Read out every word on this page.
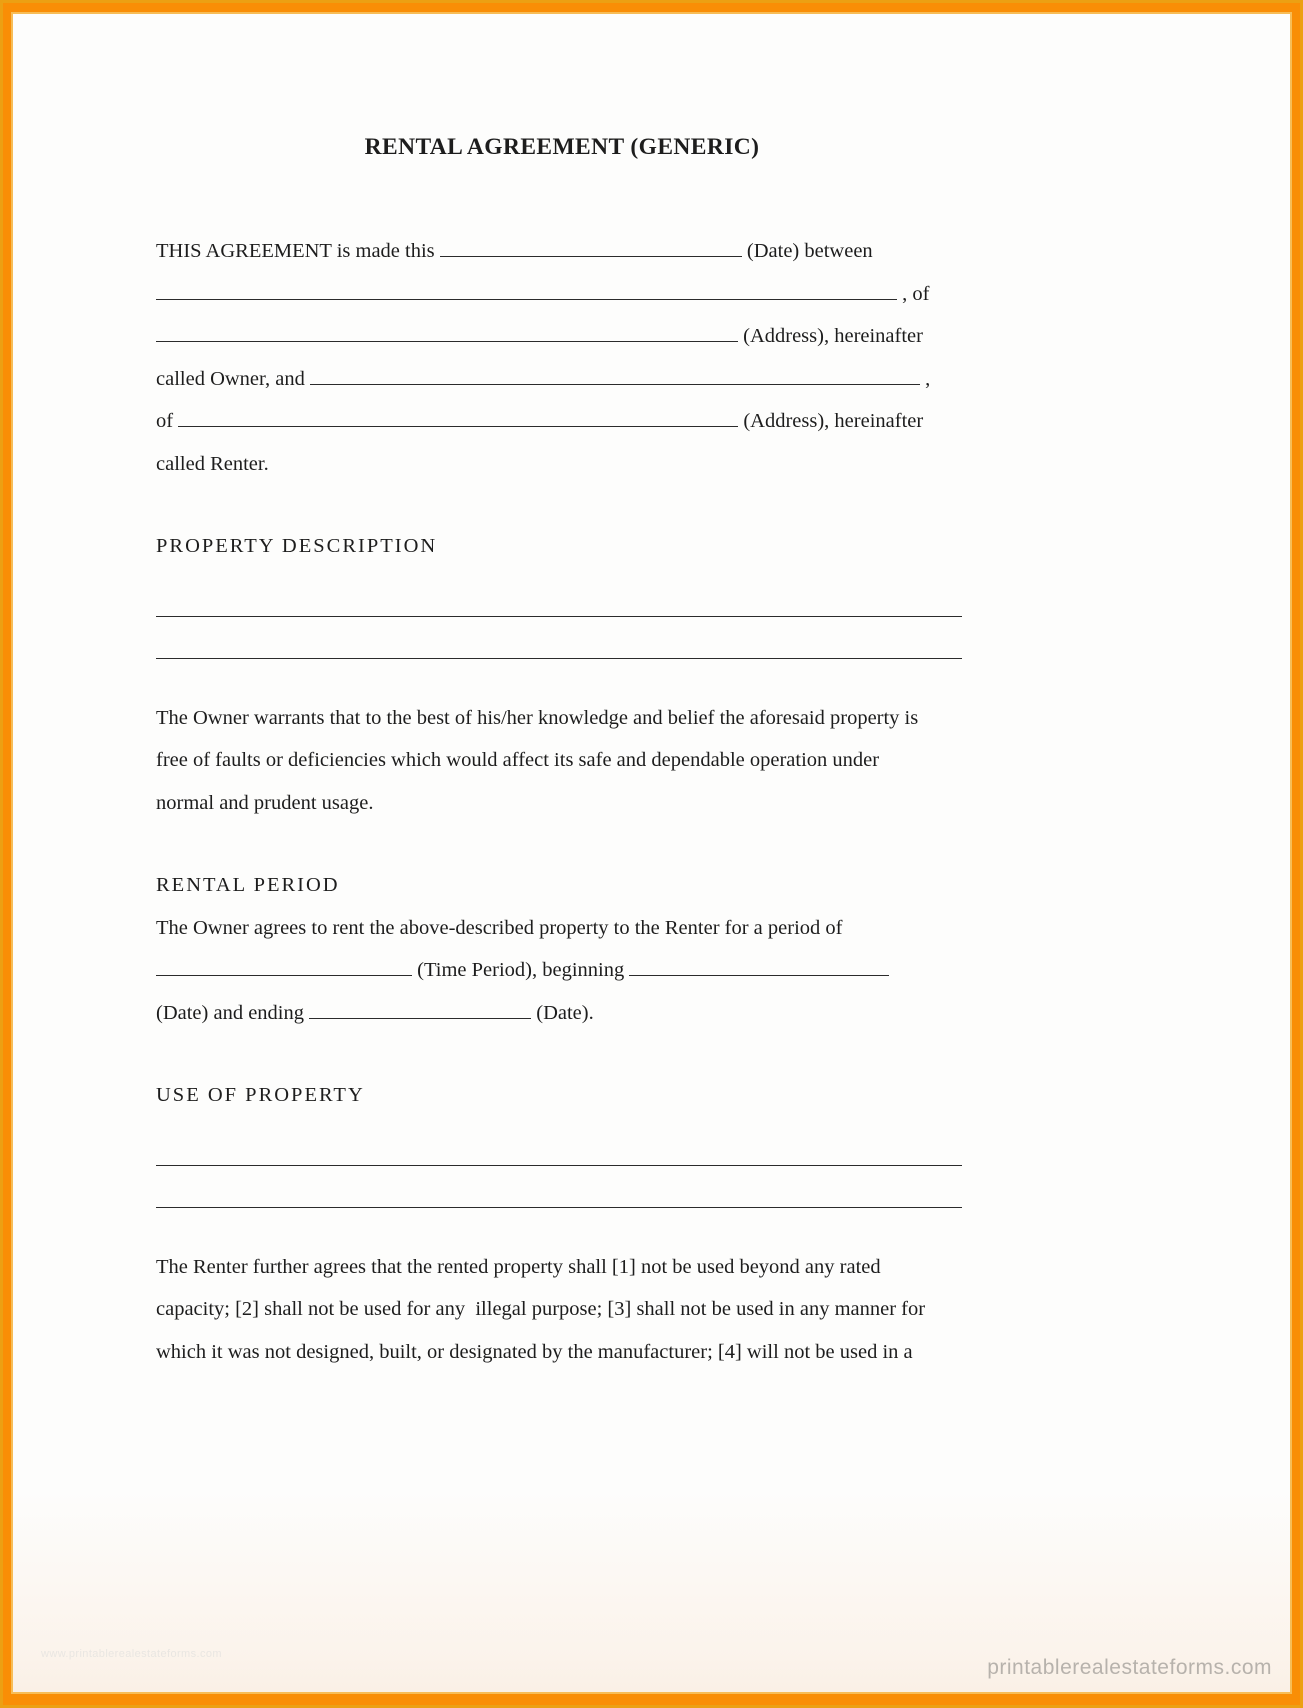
RENTAL AGREEMENT (GENERIC)
THIS AGREEMENT is made this	(Date) between
, of
(Address), hereinafter
called Owner, and	,
of	(Address), hereinafter
called Renter.
PROPERTY DESCRIPTION
The Owner warrants that to the best of his/her knowledge and belief the aforesaid property is
free of faults or deficiencies which would affect its safe and dependable operation under
normal and prudent usage.
RENTAL PERIOD
The Owner agrees to rent the above-described property to the Renter for a period of
(Time Period), beginning
(Date) and ending	(Date).
USE OF PROPERTY
The Renter further agrees that the rented property shall [1] not be used beyond any rated
capacity; [2] shall not be used for any  illegal purpose; [3] shall not be used in any manner for
which it was not designed, built, or designated by the manufacturer; [4] will not be used in a
www.printablerealestateforms.com
printablerealestateforms.com
